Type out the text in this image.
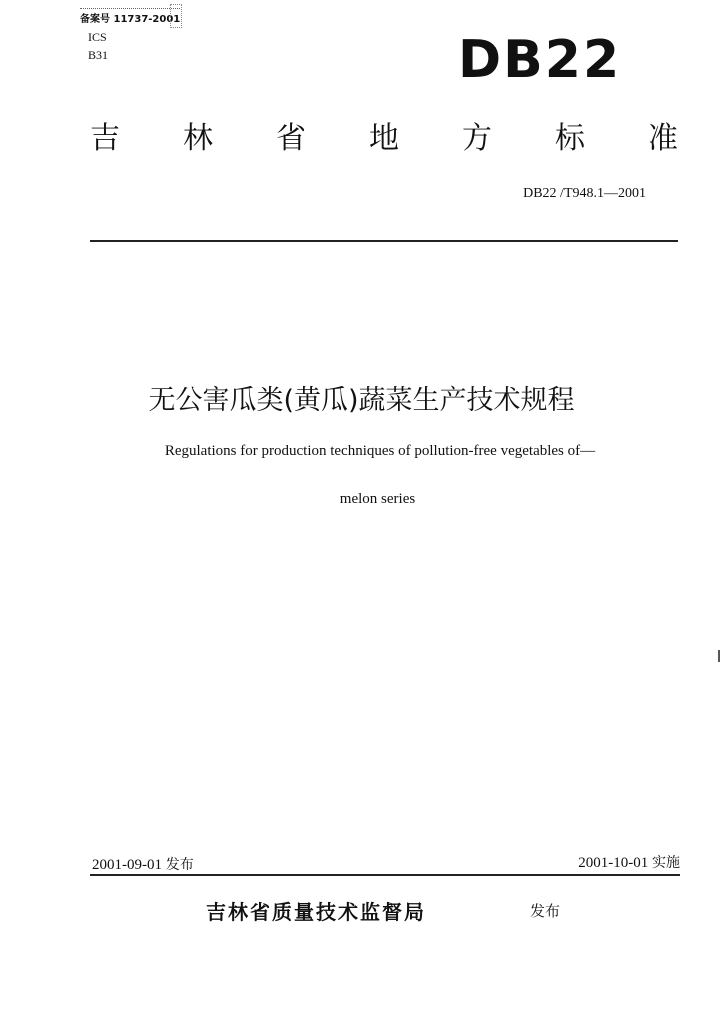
备案号 11737-2001
ICS
B31	DB22
吉 林 省 地 方 标 准
DB22 /T948.1—2001
无公害瓜类(黄瓜)蔬菜生产技术规程
Regulations for production techniques of pollution-free vegetables of—
melon series
2001-09-01 发布	2001-10-01 实施
吉林省质量技术监督局	发布
